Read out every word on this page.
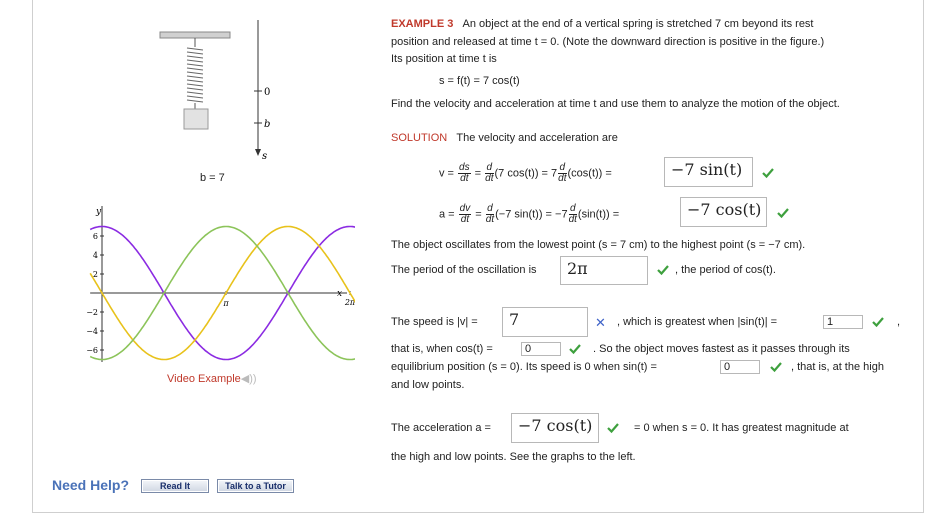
0
b
s
b = 7
y
x
6
4
2
−2
−4
−6
π	2π
Video Example◀))
Need Help?	Read It	Talk to a Tutor
EXAMPLE 3 An object at the end of a vertical spring is stretched 7 cm beyond its rest
position and released at time t = 0. (Note the downward direction is positive in the figure.)
Its position at time t is
s = f(t) = 7 cos(t)
Find the velocity and acceleration at time t and use them to analyze the motion of the object.
SOLUTION The velocity and acceleration are
$v = \frac{ds}{dt} = \frac{d}{dt} (7$ $\cos(t)) = 7 \frac{d}{dt} (\cos(t))$ =	−7 sin(t)
$a = \frac{dv}{dt} = \frac{d}{dt} (-7$ $\sin(t)) = -7 \frac{d}{dt} (\sin(t))$ =	−7 cos(t)
The object oscillates from the lowest point (s = 7 cm) to the highest point (s = −7 cm).
The period of the oscillation is	2π	, the period of cos(t).
The speed is |v| =	7	✕ , which is greatest when |sin(t)| =	1	,
that is, when cos(t) =	0	. So the object moves fastest as it passes through its
equilibrium position (s = 0). Its speed is 0 when sin(t) =	0	, that is, at the high
and low points.
The acceleration a =	−7 cos(t)	= 0 when s = 0. It has greatest magnitude at
the high and low points. See the graphs to the left.
